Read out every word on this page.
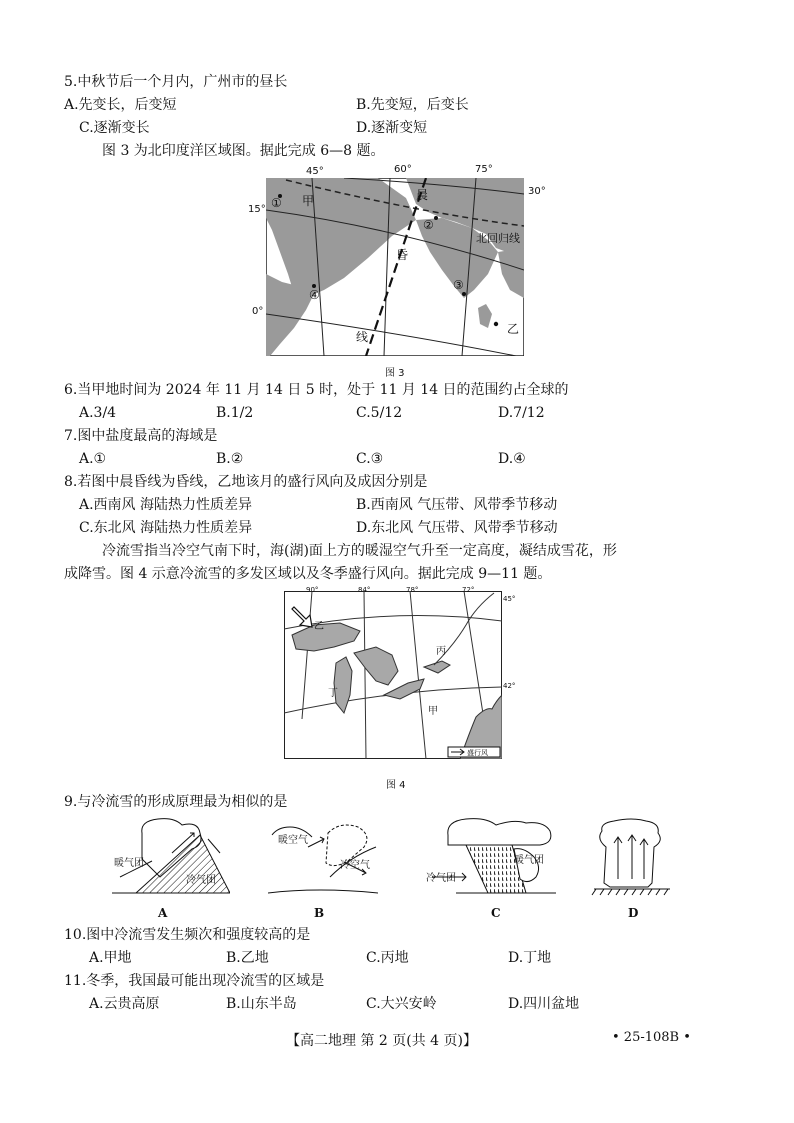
5.中秋节后一个月内，广州市的昼长
A.先变长，后变短	B.先变短，后变长
C.逐渐变长	D.逐渐变短
图 3 为北印度洋区域图。据此完成 6—8 题。
45°	60°	75°
30°
15°
0°
甲
乙
晨
昏
线
北回归线
①
②
③
④
图 3
6.当甲地时间为 2024 年 11 月 14 日 5 时，处于 11 月 14 日的范围约占全球的
A.3/4	B.1/2	C.5/12	D.7/12
7.图中盐度最高的海域是
A.①	B.②	C.③	D.④
8.若图中晨昏线为昏线，乙地该月的盛行风向及成因分别是
A.西南风 海陆热力性质差异	B.西南风 气压带、风带季节移动
C.东北风 海陆热力性质差异	D.东北风 气压带、风带季节移动
冷流雪指当冷空气南下时，海(湖)面上方的暖湿空气升至一定高度，凝结成雪花，形
成降雪。图 4 示意冷流雪的多发区域以及冬季盛行风向。据此完成 9—11 题。
90°	84°	78°	72°
45°
42°
乙
丙
丁
甲
盛行风
图 4
9.与冷流雪的形成原理最为相似的是
暖气团
冷气团
A
暖空气
冷空气
B
暖气团
冷气团
C	D
10.图中冷流雪发生频次和强度较高的是
A.甲地	B.乙地	C.丙地	D.丁地
11.冬季，我国最可能出现冷流雪的区域是
A.云贵高原	B.山东半岛	C.大兴安岭	D.四川盆地
【高二地理 第 2 页(共 4 页)】	• 25-108B •
